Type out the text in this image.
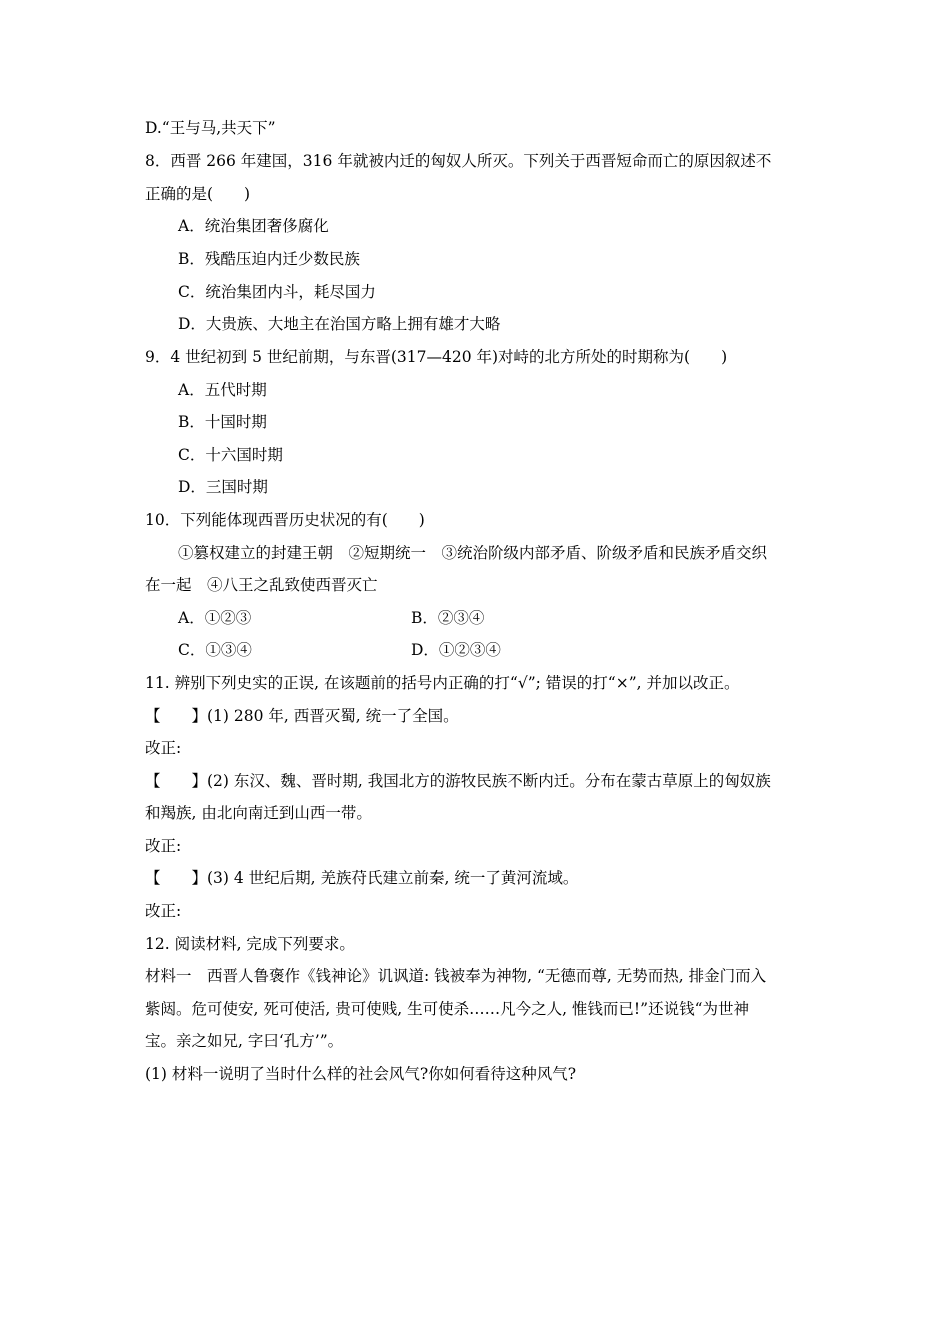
D.“王与马,共天下”
8．西晋 266 年建国，316 年就被内迁的匈奴人所灭。下列关于西晋短命而亡的原因叙述不
正确的是(　　)
A．统治集团奢侈腐化
B．残酷压迫内迁少数民族
C．统治集团内斗，耗尽国力
D．大贵族、大地主在治国方略上拥有雄才大略
9．4 世纪初到 5 世纪前期，与东晋(317—420 年)对峙的北方所处的时期称为(　　)
A．五代时期
B．十国时期
C．十六国时期
D．三国时期
10．下列能体现西晋历史状况的有(　　)
①篡权建立的封建王朝　②短期统一　③统治阶级内部矛盾、阶级矛盾和民族矛盾交织
在一起　④八王之乱致使西晋灭亡
A．①②③	B．②③④
C．①③④	D．①②③④
11. 辨别下列史实的正误, 在该题前的括号内正确的打“√”; 错误的打“×”, 并加以改正。
【　　】(1) 280 年, 西晋灭蜀, 统一了全国。
改正:
【　　】(2) 东汉、魏、晋时期, 我国北方的游牧民族不断内迁。分布在蒙古草原上的匈奴族
和羯族, 由北向南迁到山西一带。
改正:
【　　】(3) 4 世纪后期, 羌族苻氏建立前秦, 统一了黄河流域。
改正:
12. 阅读材料, 完成下列要求。
材料一　西晋人鲁褒作《钱神论》讥讽道: 钱被奉为神物, “无德而尊, 无势而热, 排金门而入
紫闼。危可使安, 死可使活, 贵可使贱, 生可使杀……凡今之人, 惟钱而已!”还说钱“为世神
宝。亲之如兄, 字曰‘孔方’”。
(1) 材料一说明了当时什么样的社会风气?你如何看待这种风气?
